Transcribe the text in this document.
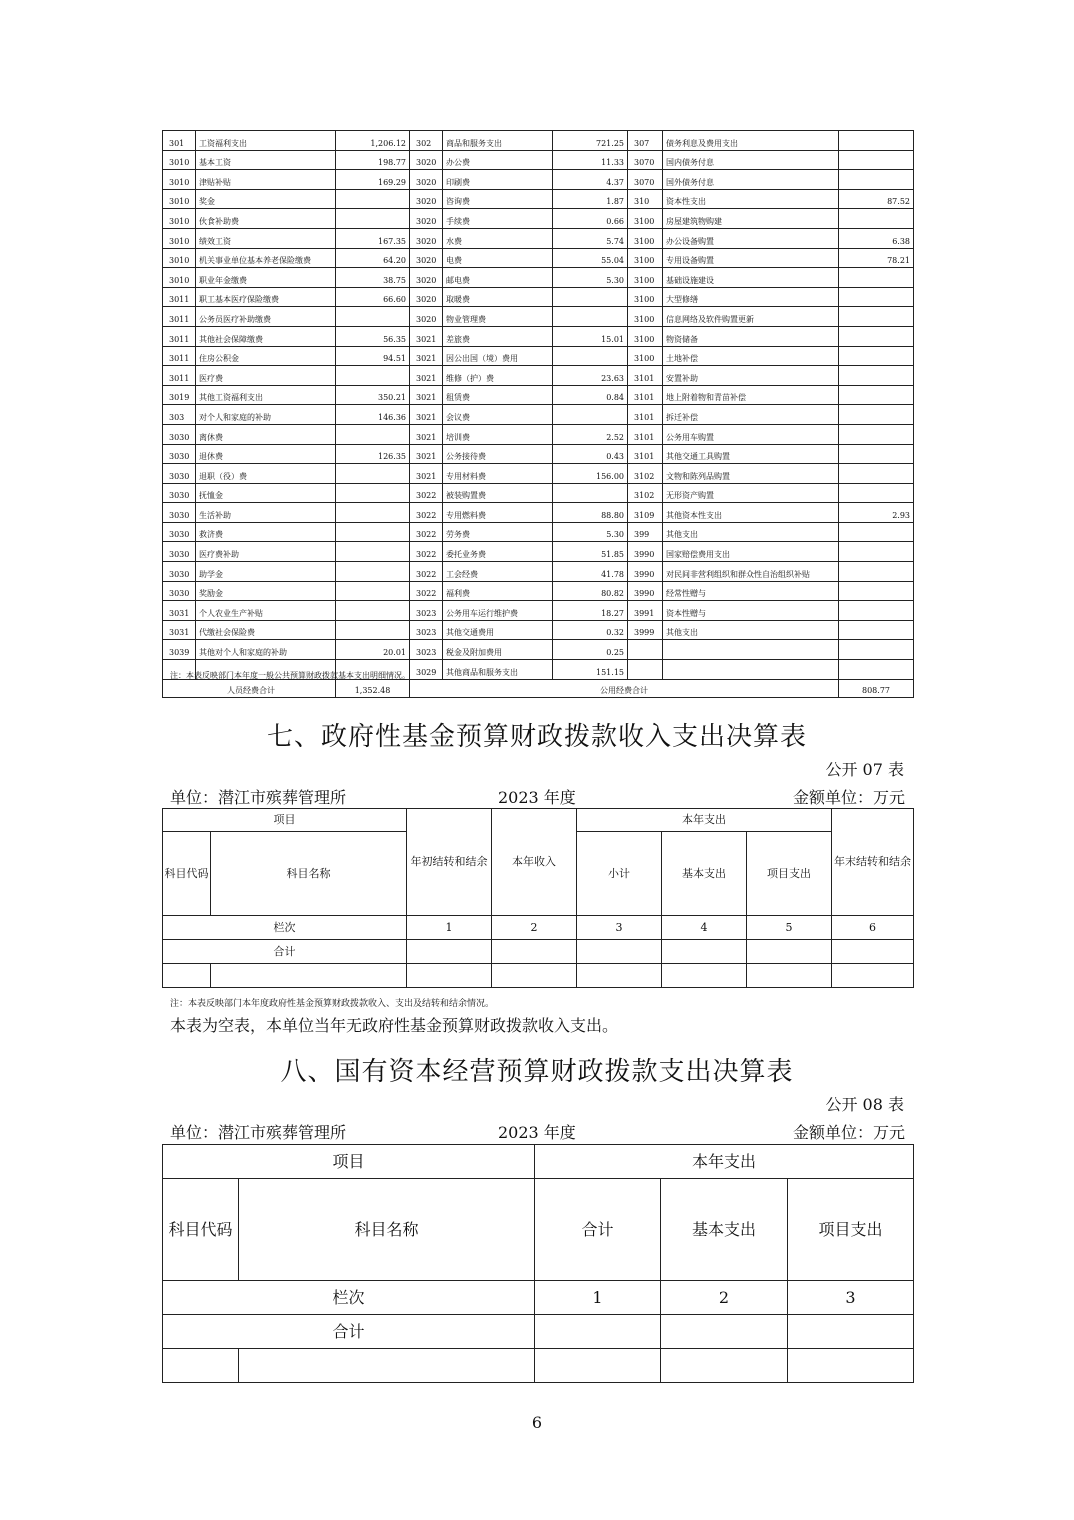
301	工资福利支出	1,206.12	302	商品和服务支出	721.25	307	债务利息及费用支出	
3010	基本工资	198.77	3020	办公费	11.33	3070	国内债务付息	
3010	津贴补贴	169.29	3020	印刷费	4.37	3070	国外债务付息	
3010	奖金		3020	咨询费	1.87	310	资本性支出	87.52
3010	伙食补助费		3020	手续费	0.66	3100	房屋建筑物购建	
3010	绩效工资	167.35	3020	水费	5.74	3100	办公设备购置	6.38
3010	机关事业单位基本养老保险缴费	64.20	3020	电费	55.04	3100	专用设备购置	78.21
3010	职业年金缴费	38.75	3020	邮电费	5.30	3100	基础设施建设	
3011	职工基本医疗保险缴费	66.60	3020	取暖费		3100	大型修缮	
3011	公务员医疗补助缴费		3020	物业管理费		3100	信息网络及软件购置更新	
3011	其他社会保障缴费	56.35	3021	差旅费	15.01	3100	物资储备	
3011	住房公积金	94.51	3021	因公出国（境）费用		3100	土地补偿	
3011	医疗费		3021	维修（护）费	23.63	3101	安置补助	
3019	其他工资福利支出	350.21	3021	租赁费	0.84	3101	地上附着物和青苗补偿	
303	对个人和家庭的补助	146.36	3021	会议费		3101	拆迁补偿	
3030	离休费		3021	培训费	2.52	3101	公务用车购置	
3030	退休费	126.35	3021	公务接待费	0.43	3101	其他交通工具购置	
3030	退职（役）费		3021	专用材料费	156.00	3102	文物和陈列品购置	
3030	抚恤金		3022	被装购置费		3102	无形资产购置	
3030	生活补助		3022	专用燃料费	88.80	3109	其他资本性支出	2.93
3030	救济费		3022	劳务费	5.30	399	其他支出	
3030	医疗费补助		3022	委托业务费	51.85	3990	国家赔偿费用支出	
3030	助学金		3022	工会经费	41.78	3990	对民间非营利组织和群众性自治组织补贴	
3030	奖励金		3022	福利费	80.82	3990	经常性赠与	
3031	个人农业生产补贴		3023	公务用车运行维护费	18.27	3991	资本性赠与	
3031	代缴社会保险费		3023	其他交通费用	0.32	3999	其他支出	
3039	其他对个人和家庭的补助	20.01	3023	税金及附加费用	0.25			
			3029	其他商品和服务支出	151.15			
人员经费合计		1,352.48	公用经费合计					808.77
注：本表反映部门本年度一般公共预算财政拨款基本支出明细情况。
七、政府性基金预算财政拨款收入支出决算表
公开 07 表
单位：潜江市殡葬管理所	2023 年度	金额单位：万元
项目		年初结转和结余	本年收入	本年支出			年末结转和结余
科目代码	科目名称			小计	基本支出	项目支出	
栏次		1	2	3	4	5	6
合计							

注：本表反映部门本年度政府性基金预算财政拨款收入、支出及结转和结余情况。
本表为空表，本单位当年无政府性基金预算财政拨款收入支出。
八、国有资本经营预算财政拨款支出决算表
公开 08 表
单位：潜江市殡葬管理所	2023 年度	金额单位：万元
项目		本年支出		
科目代码	科目名称	合计	基本支出	项目支出
栏次		1	2	3
合计				

6
